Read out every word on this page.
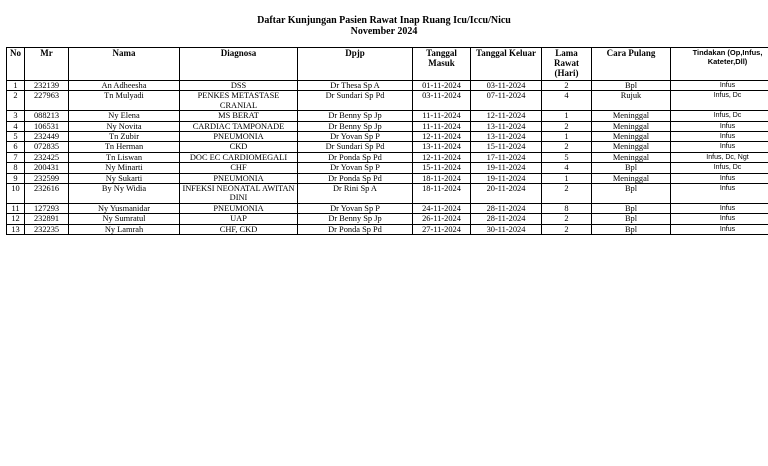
Daftar Kunjungan Pasien Rawat Inap Ruang Icu/Iccu/Nicu
November 2024
No	Mr	Nama	Diagnosa	Dpjp	Tanggal Masuk	Tanggal Keluar	Lama Rawat (Hari)	Cara Pulang	Tindakan (Op,Infus, Kateter,Dll)
1	232139	An Adheesha	DSS	Dr Thesa Sp A	01-11-2024	03-11-2024	2	Bpl	Infus
2	227963	Tn Mulyadi	PENKES METASTASE CRANIAL	Dr Sundari Sp Pd	03-11-2024	07-11-2024	4	Rujuk	Infus, Dc
3	088213	Ny Elena	MS BERAT	Dr Benny Sp Jp	11-11-2024	12-11-2024	1	Meninggal	Infus, Dc
4	106531	Ny Novita	CARDIAC TAMPONADE	Dr Benny Sp Jp	11-11-2024	13-11-2024	2	Meninggal	Infus
5	232449	Tn Zubir	PNEUMONIA	Dr Yovan Sp P	12-11-2024	13-11-2024	1	Meninggal	Infus
6	072835	Tn Herman	CKD	Dr Sundari Sp Pd	13-11-2024	15-11-2024	2	Meninggal	Infus
7	232425	Tn Liswan	DOC EC CARDIOMEGALI	Dr Ponda Sp Pd	12-11-2024	17-11-2024	5	Meninggal	Infus, Dc, Ngt
8	200431	Ny Minarti	CHF	Dr Yovan Sp P	15-11-2024	19-11-2024	4	Bpl	Infus, Dc
9	232599	Ny Sukarti	PNEUMONIA	Dr Ponda Sp Pd	18-11-2024	19-11-2024	1	Meninggal	Infus
10	232616	By Ny Widia	INFEKSI NEONATAL AWITAN DINI	Dr Rini Sp A	18-11-2024	20-11-2024	2	Bpl	Infus
11	127293	Ny Yusmanidar	PNEUMONIA	Dr Yovan Sp P	24-11-2024	28-11-2024	8	Bpl	Infus
12	232891	Ny Sumratul	UAP	Dr Benny Sp Jp	26-11-2024	28-11-2024	2	Bpl	Infus
13	232235	Ny Lamrah	CHF, CKD	Dr Ponda Sp Pd	27-11-2024	30-11-2024	2	Bpl	Infus
